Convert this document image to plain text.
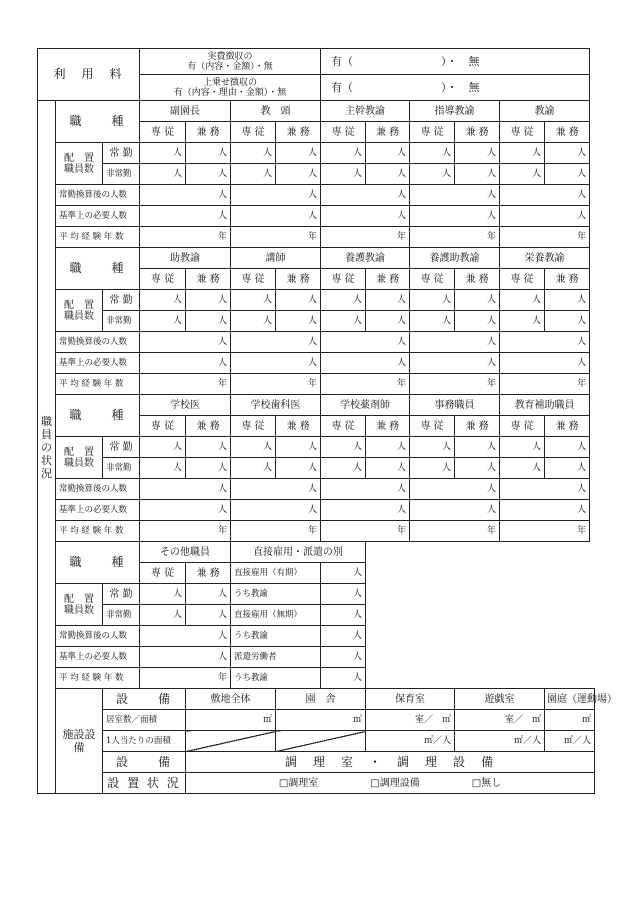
利　用　料			実費徴収の
有（内容・金額）・無				有（　　　　　　　　）・　無					
			上乗せ徴収の
有（内容・理由・金額）・無				有（　　　　　　　　）・　無					
職員の状況	職　　種		副園長		教　頭		主幹教諭		指導教諭		教諭	
			専 従	兼 務	専 従	兼 務	専 従	兼 務	専 従	兼 務	専 従	兼 務
	配　置
職員数	常 勤	人	人	人	人	人	人	人	人	人	人
		非常勤	人	人	人	人	人	人	人	人	人	人
	常勤換算後の人数		人		人		人		人		人	
	基準上の必要人数		人		人		人		人		人	
	平 均 経 験 年 数		年		年		年		年		年	
	職　　種		助教諭		講師		養護教諭		養護助教諭		栄養教諭	
			専 従	兼 務	専 従	兼 務	専 従	兼 務	専 従	兼 務	専 従	兼 務
	配　置
職員数	常 勤	人	人	人	人	人	人	人	人	人	人
		非常勤	人	人	人	人	人	人	人	人	人	人
	常勤換算後の人数		人		人		人		人		人	
	基準上の必要人数		人		人		人		人		人	
	平 均 経 験 年 数		年		年		年		年		年	
	職　　種		学校医		学校歯科医		学校薬剤師		事務職員		教育補助職員	
			専 従	兼 務	専 従	兼 務	専 従	兼 務	専 従	兼 務	専 従	兼 務
	配　置
職員数	常 勤	人	人	人	人	人	人	人	人	人	人
		非常勤	人	人	人	人	人	人	人	人	人	人
	常勤換算後の人数		人		人		人		人		人	
	基準上の必要人数		人		人		人		人		人	
	平 均 経 験 年 数		年		年		年		年		年	
	職　　種		その他職員		直接雇用・派遣の別							
			専 従	兼 務	直接雇用（有期）		人					
	配　置
職員数	常 勤	人	人	うち教諭		人					
		非常勤	人	人	直接雇用（無期）		人					
	常勤換算後の人数		人		うち教諭		人					
	基準上の必要人数		人		派遣労働者		人					
	平 均 経 験 年 数		年		うち教諭		人					
	施設設備	設　　備		敷地全体		園　舎		保育室		遊戯室		園庭（運動場）
		居室数／面積		㎡		㎡		室／　㎡		室／　㎡		㎡
		1人当たりの面積						㎡／人		㎡／人		㎡／人
		設　　備		調　理　室　・　調　理　設　備								
		設 置 状 況		□調理室 □調理設備 □無し								
